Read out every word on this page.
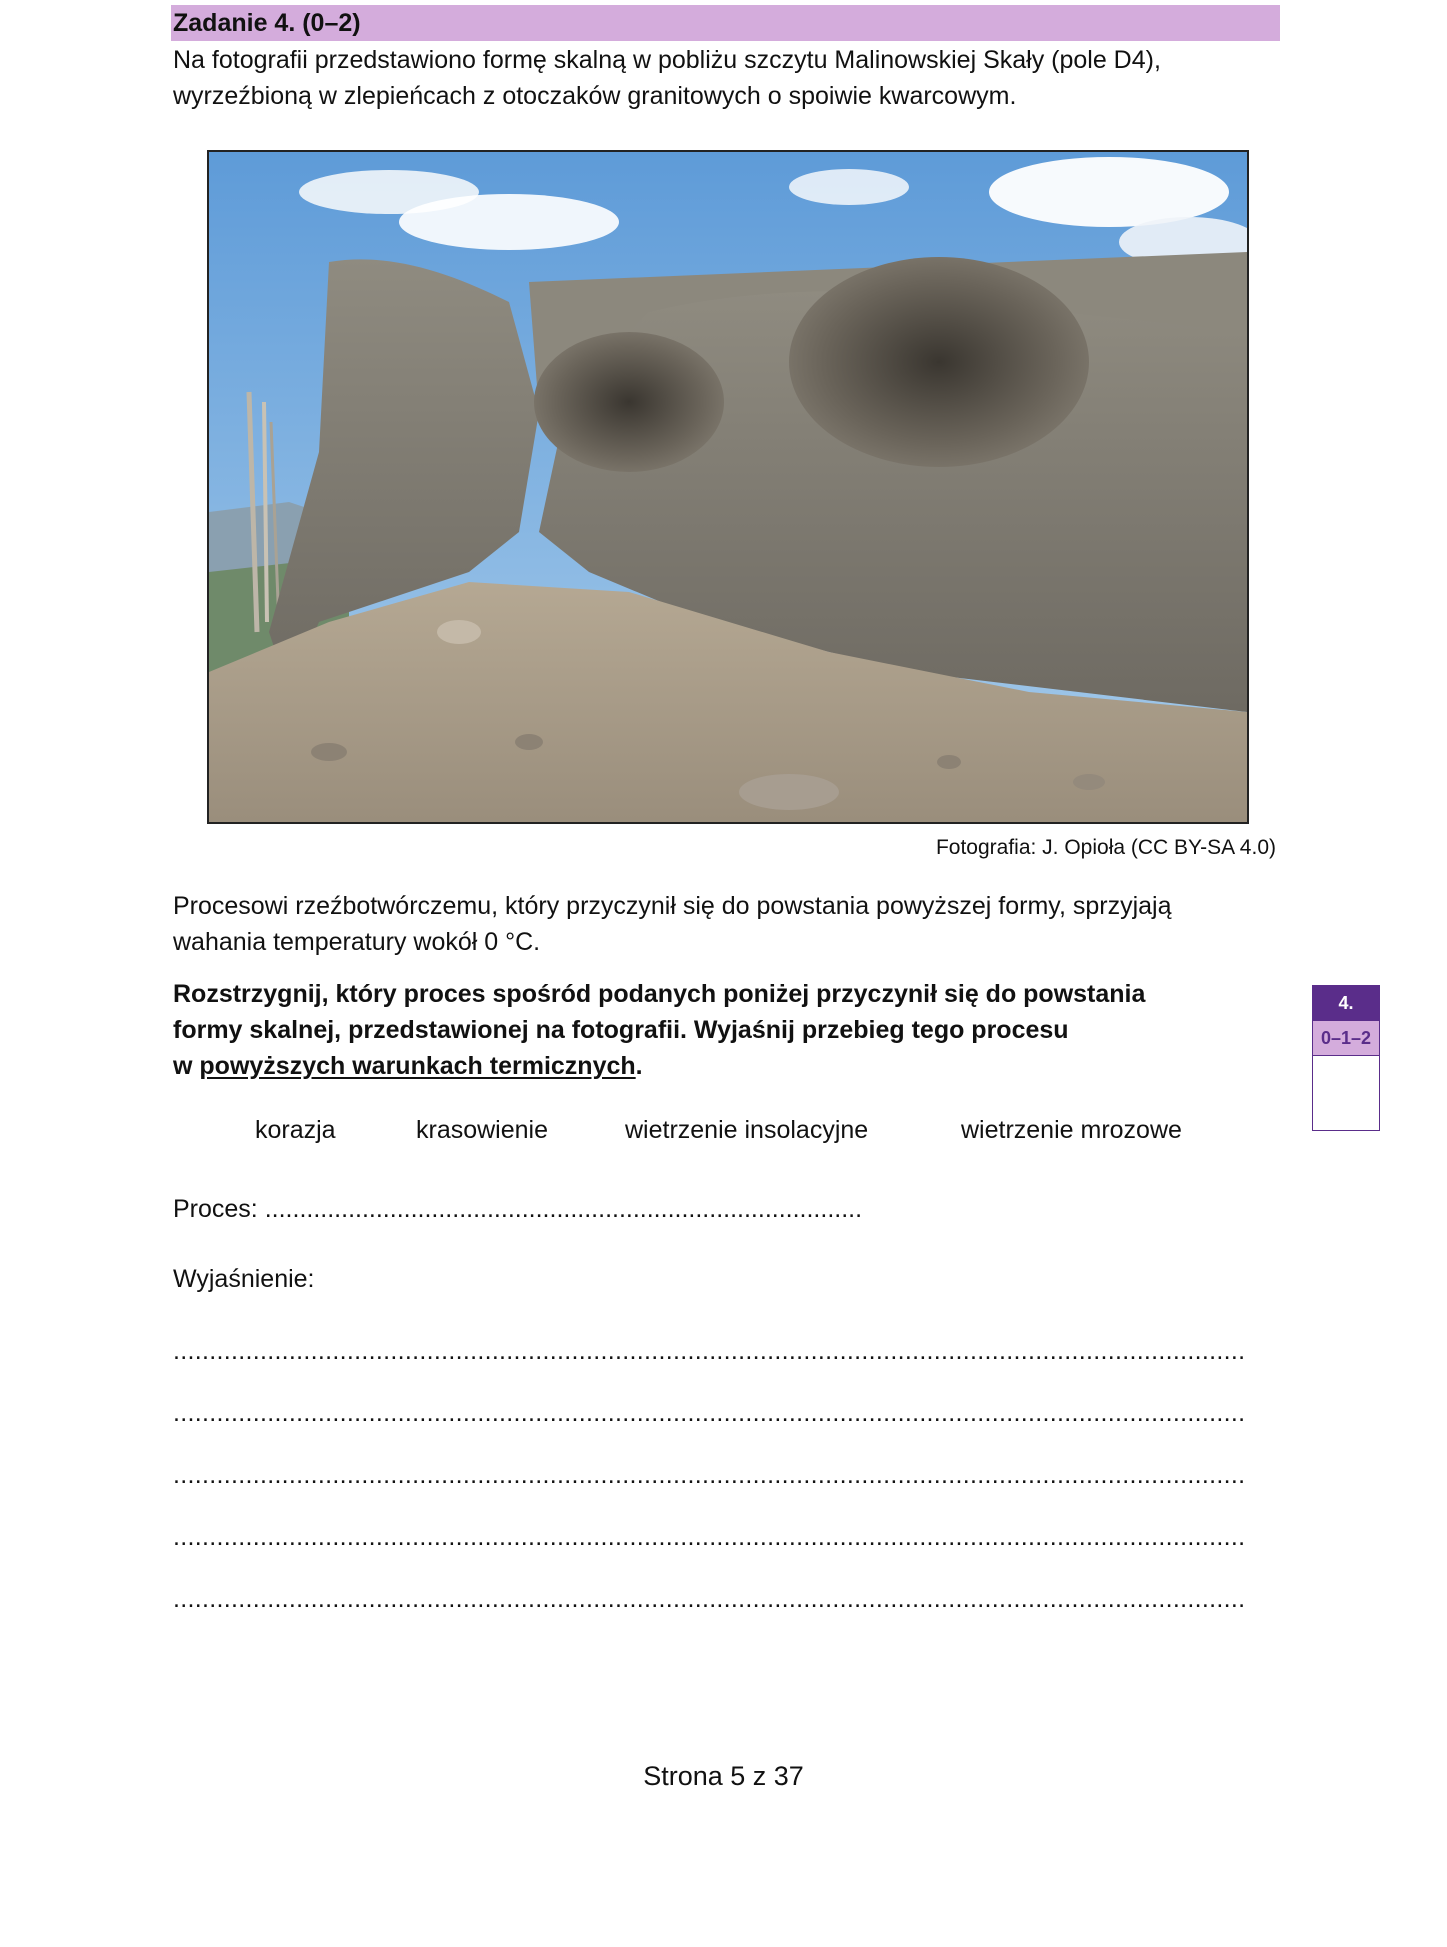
Zadanie 4. (0–2)
Na fotografii przedstawiono formę skalną w pobliżu szczytu Malinowskiej Skały (pole D4),
wyrzeźbioną w zlepieńcach z otoczaków granitowych o spoiwie kwarcowym.
Fotografia: J. Opioła (CC BY-SA 4.0)
Procesowi rzeźbotwórczemu, który przyczynił się do powstania powyższej formy, sprzyjają
wahania temperatury wokół 0 °C.
Rozstrzygnij, który proces spośród podanych poniżej przyczynił się do powstania
formy skalnej, przedstawionej na fotografii. Wyjaśnij przebieg tego procesu
w powyższych warunkach termicznych.
korazja	krasowienie	wietrzenie insolacyjne	wietrzenie mrozowe
Proces: ......................................................................................
Wyjaśnienie:
....................................................................................................................................................
....................................................................................................................................................
....................................................................................................................................................
....................................................................................................................................................
....................................................................................................................................................
4.
0–1–2
Strona 5 z 37
